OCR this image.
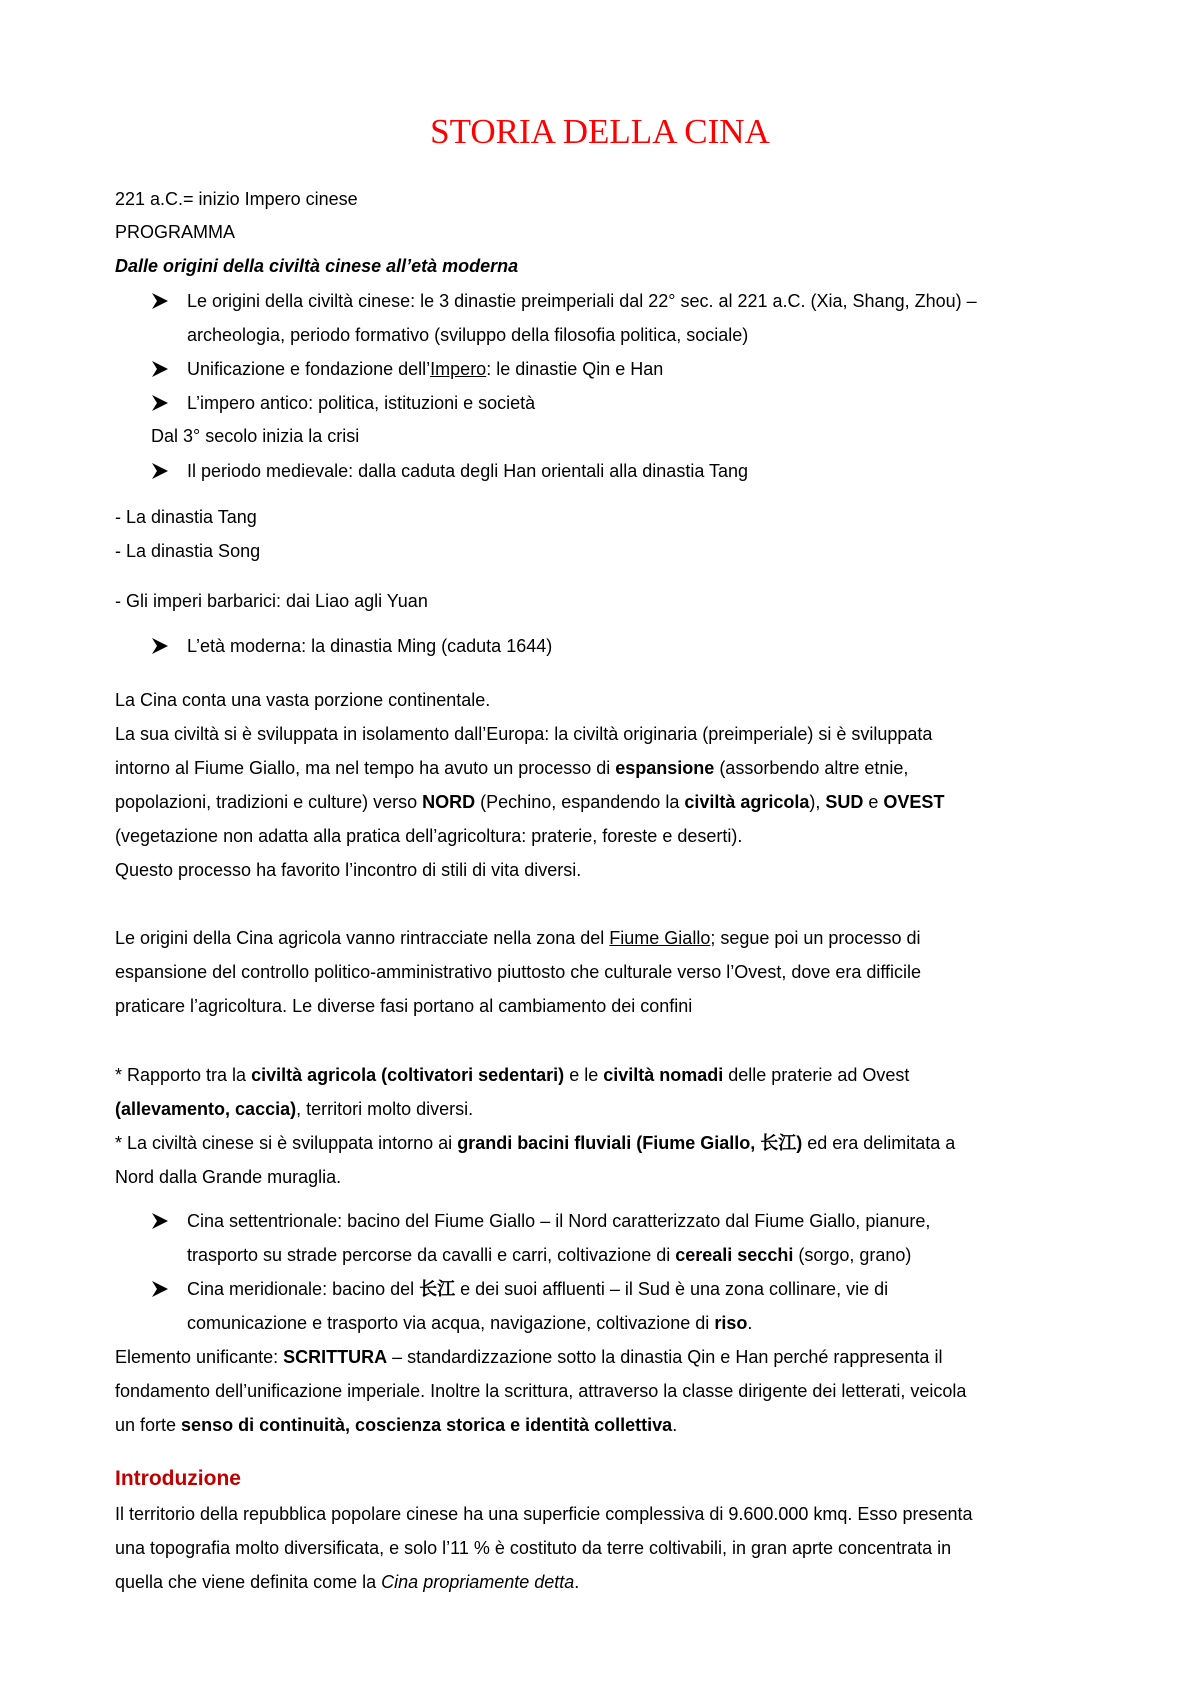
STORIA DELLA CINA
221 a.C.= inizio Impero cinese
PROGRAMMA
Dalle origini della civiltà cinese all’età moderna
Le origini della civiltà cinese: le 3 dinastie preimperiali dal 22° sec. al 221 a.C. (Xia, Shang, Zhou) –
archeologia, periodo formativo (sviluppo della filosofia politica, sociale)
Unificazione e fondazione dell’Impero: le dinastie Qin e Han
L’impero antico: politica, istituzioni e società
Dal 3° secolo inizia la crisi
Il periodo medievale: dalla caduta degli Han orientali alla dinastia Tang
- La dinastia Tang
- La dinastia Song
- Gli imperi barbarici: dai Liao agli Yuan
L’età moderna: la dinastia Ming (caduta 1644)
La Cina conta una vasta porzione continentale.
La sua civiltà si è sviluppata in isolamento dall’Europa: la civiltà originaria (preimperiale) si è sviluppata
intorno al Fiume Giallo, ma nel tempo ha avuto un processo di espansione (assorbendo altre etnie,
popolazioni, tradizioni e culture) verso NORD (Pechino, espandendo la civiltà agricola), SUD e OVEST
(vegetazione non adatta alla pratica dell’agricoltura: praterie, foreste e deserti).
Questo processo ha favorito l’incontro di stili di vita diversi.
Le origini della Cina agricola vanno rintracciate nella zona del Fiume Giallo; segue poi un processo di
espansione del controllo politico-amministrativo piuttosto che culturale verso l’Ovest, dove era difficile
praticare l’agricoltura. Le diverse fasi portano al cambiamento dei confini
* Rapporto tra la civiltà agricola (coltivatori sedentari) e le civiltà nomadi delle praterie ad Ovest
(allevamento, caccia), territori molto diversi.
* La civiltà cinese si è sviluppata intorno ai grandi bacini fluviali (Fiume Giallo, 长江) ed era delimitata a
Nord dalla Grande muraglia.
Cina settentrionale: bacino del Fiume Giallo – il Nord caratterizzato dal Fiume Giallo, pianure,
trasporto su strade percorse da cavalli e carri, coltivazione di cereali secchi (sorgo, grano)
Cina meridionale: bacino del 长江 e dei suoi affluenti – il Sud è una zona collinare, vie di
comunicazione e trasporto via acqua, navigazione, coltivazione di riso.
Elemento unificante: SCRITTURA – standardizzazione sotto la dinastia Qin e Han perché rappresenta il
fondamento dell’unificazione imperiale. Inoltre la scrittura, attraverso la classe dirigente dei letterati, veicola
un forte senso di continuità, coscienza storica e identità collettiva.
Introduzione
Il territorio della repubblica popolare cinese ha una superficie complessiva di 9.600.000 kmq. Esso presenta
una topografia molto diversificata, e solo l’11 % è costituto da terre coltivabili, in gran aprte concentrata in
quella che viene definita come la Cina propriamente detta.
